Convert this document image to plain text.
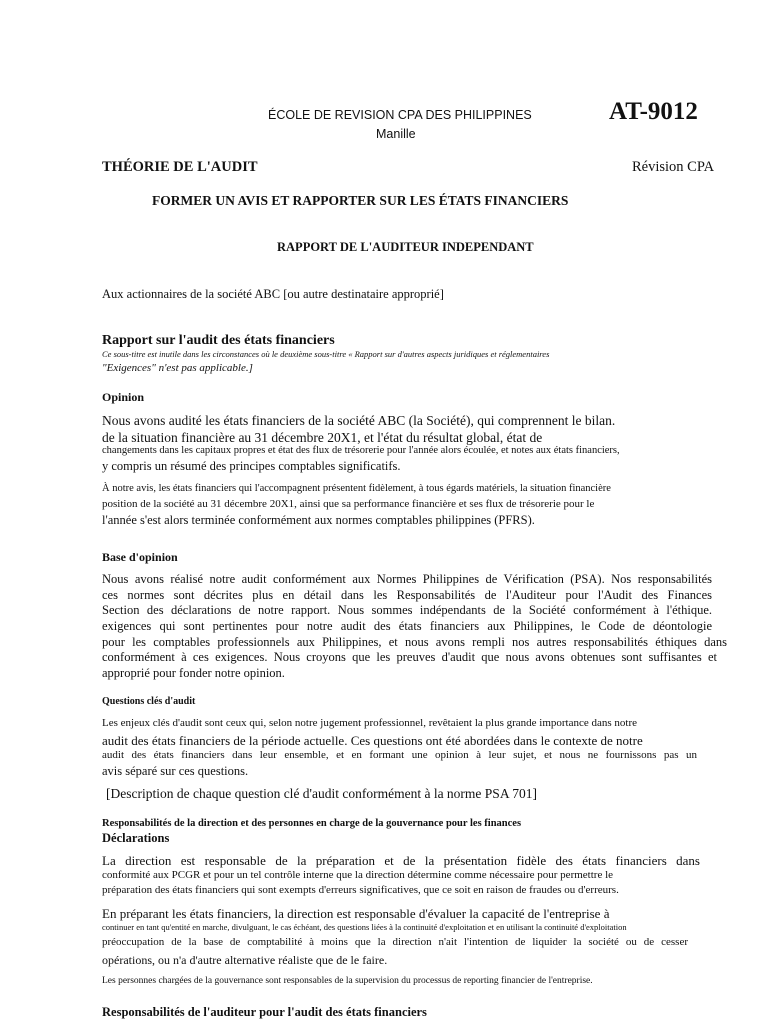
ÉCOLE DE REVISION CPA DES PHILIPPINES
Manille
AT-9012
THÉORIE DE L'AUDIT	Révision CPA
FORMER UN AVIS ET RAPPORTER SUR LES ÉTATS FINANCIERS
RAPPORT DE L'AUDITEUR INDEPENDANT
Aux actionnaires de la société ABC [ou autre destinataire approprié]
Rapport sur l'audit des états financiers
Ce sous-titre est inutile dans les circonstances où le deuxième sous-titre « Rapport sur d'autres aspects juridiques et réglementaires
"Exigences" n'est pas applicable.]
Opinion
Nous avons audité les états financiers de la société ABC (la Société), qui comprennent le bilan.
de la situation financière au 31 décembre 20X1, et l'état du résultat global, état de
changements dans les capitaux propres et état des flux de trésorerie pour l'année alors écoulée, et notes aux états financiers,
y compris un résumé des principes comptables significatifs.
À notre avis, les états financiers qui l'accompagnent présentent fidèlement, à tous égards matériels, la situation financière
position de la société au 31 décembre 20X1, ainsi que sa performance financière et ses flux de trésorerie pour le
l'année s'est alors terminée conformément aux normes comptables philippines (PFRS).
Base d'opinion
Nous avons réalisé notre audit conformément aux Normes Philippines de Vérification (PSA). Nos responsabilités
ces normes sont décrites plus en détail dans les Responsabilités de l'Auditeur pour l'Audit des Finances
Section des déclarations de notre rapport. Nous sommes indépendants de la Société conformément à l'éthique.
exigences qui sont pertinentes pour notre audit des états financiers aux Philippines, le Code de déontologie
pour les comptables professionnels aux Philippines, et nous avons rempli nos autres responsabilités éthiques dans
conformément à ces exigences. Nous croyons que les preuves d'audit que nous avons obtenues sont suffisantes et
approprié pour fonder notre opinion.
Questions clés d'audit
Les enjeux clés d'audit sont ceux qui, selon notre jugement professionnel, revêtaient la plus grande importance dans notre
audit des états financiers de la période actuelle. Ces questions ont été abordées dans le contexte de notre
audit des états financiers dans leur ensemble, et en formant une opinion à leur sujet, et nous ne fournissons pas un
avis séparé sur ces questions.
[Description de chaque question clé d'audit conformément à la norme PSA 701]
Responsabilités de la direction et des personnes en charge de la gouvernance pour les finances
Déclarations
La direction est responsable de la préparation et de la présentation fidèle des états financiers dans
conformité aux PCGR et pour un tel contrôle interne que la direction détermine comme nécessaire pour permettre le
préparation des états financiers qui sont exempts d'erreurs significatives, que ce soit en raison de fraudes ou d'erreurs.
En préparant les états financiers, la direction est responsable d'évaluer la capacité de l'entreprise à
continuer en tant qu'entité en marche, divulguant, le cas échéant, des questions liées à la continuité d'exploitation et en utilisant la continuité d'exploitation
préoccupation de la base de comptabilité à moins que la direction n'ait l'intention de liquider la société ou de cesser
opérations, ou n'a d'autre alternative réaliste que de le faire.
Les personnes chargées de la gouvernance sont responsables de la supervision du processus de reporting financier de l'entreprise.
Responsabilités de l'auditeur pour l'audit des états financiers
